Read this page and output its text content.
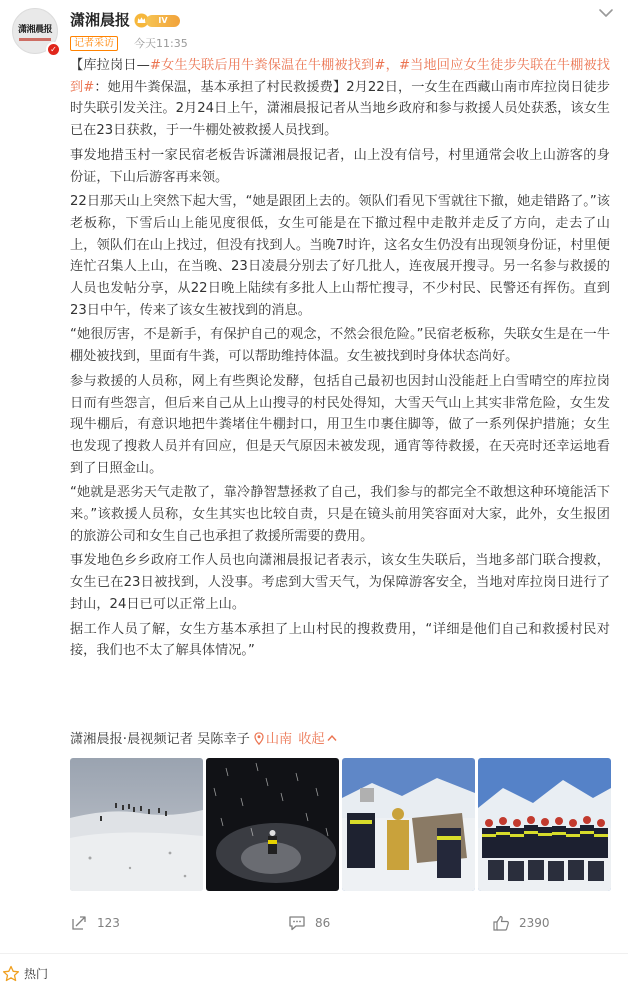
潇湘晨报
✓
潇湘晨报	IV
记者采访	今天11:35

【库拉岗日—#女生失联后用牛粪保温在牛棚被找到#，#当地回应女生徒步失联在牛棚被找到#：她用牛粪保温，基本承担了村民救援费】2月22日，一女生在西藏山南市库拉岗日徒步时失联引发关注。2月24日上午，潇湘晨报记者从当地乡政府和参与救援人员处获悉，该女生已在23日获救，于一牛棚处被救援人员找到。

事发地措玉村一家民宿老板告诉潇湘晨报记者，山上没有信号，村里通常会收上山游客的身份证，下山后游客再来领。

22日那天山上突然下起大雪，“她是跟团上去的。领队们看见下雪就往下撤，她走错路了。”该老板称，下雪后山上能见度很低，女生可能是在下撤过程中走散并走反了方向，走去了山上，领队们在山上找过，但没有找到人。当晚7时许，这名女生仍没有出现领身份证，村里便连忙召集人上山，在当晚、23日凌晨分别去了好几批人，连夜展开搜寻。另一名参与救援的人员也发帖分享，从22日晚上陆续有多批人上山帮忙搜寻，不少村民、民警还有挥伤。直到23日中午，传来了该女生被找到的消息。

“她很厉害，不是新手，有保护自己的观念，不然会很危险。”民宿老板称，失联女生是在一牛棚处被找到，里面有牛粪，可以帮助维持体温。女生被找到时身体状态尚好。

参与救援的人员称，网上有些舆论发酵，包括自己最初也因封山没能赶上白雪晴空的库拉岗日而有些怨言，但后来自己从上山搜寻的村民处得知，大雪天气山上其实非常危险，女生发现牛棚后，有意识地把牛粪堵住牛棚封口，用卫生巾裹住脚等，做了一系列保护措施；女生也发现了搜救人员并有回应，但是天气原因未被发现，通宵等待救援，在天亮时还幸运地看到了日照金山。

“她就是恶劣天气走散了，靠冷静智慧拯救了自己，我们参与的都完全不敢想这种环境能活下来。”该救援人员称，女生其实也比较自责，只是在镜头前用笑容面对大家，此外，女生报团的旅游公司和女生自己也承担了救援所需要的费用。

事发地色乡乡政府工作人员也向潇湘晨报记者表示，该女生失联后，当地多部门联合搜救，女生已在23日被找到，人没事。考虑到大雪天气，为保障游客安全，当地对库拉岗日进行了封山，24日已可以正常上山。

据工作人员了解，女生方基本承担了上山村民的搜救费用，“详细是他们自己和救援村民对接，我们也不太了解具体情况。”

潇湘晨报·晨视频记者 吴陈幸子 山南 收起
123	86	2390
热门
